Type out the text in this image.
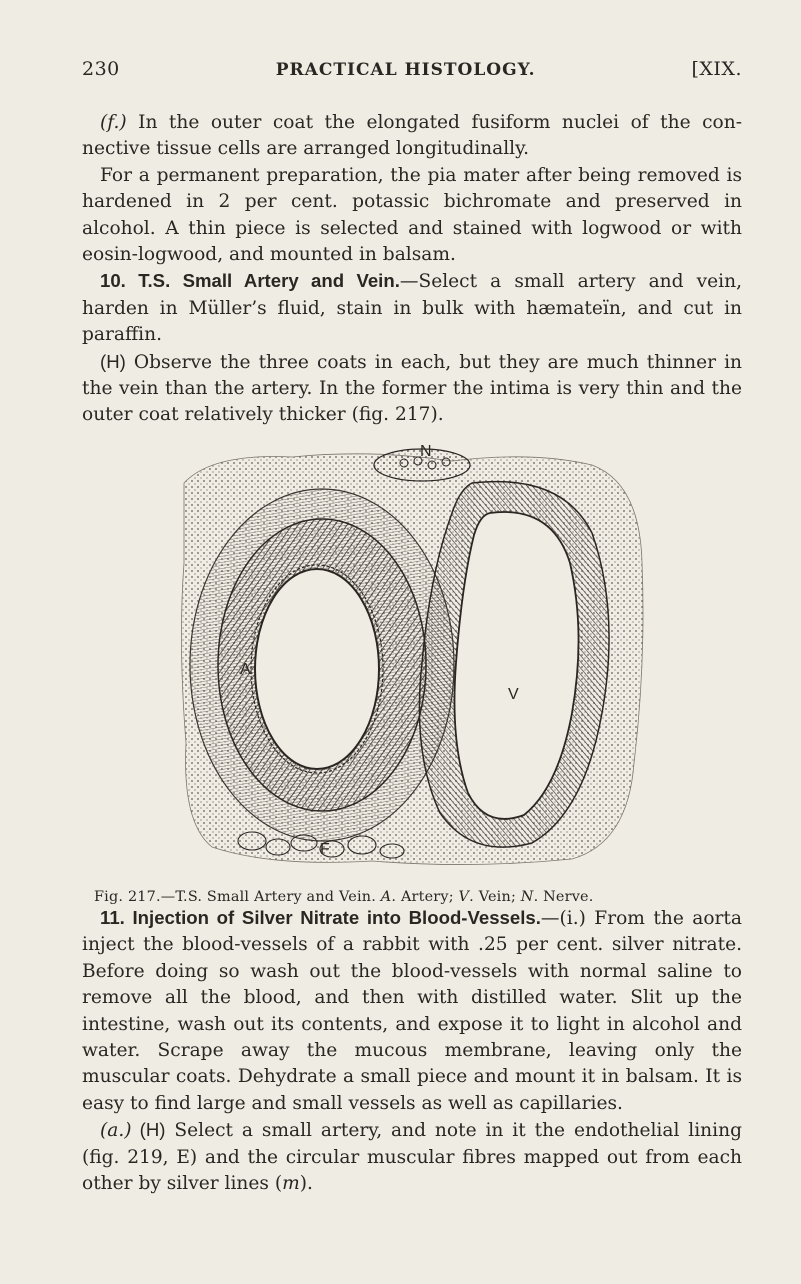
230	PRACTICAL HISTOLOGY.	[XIX.

(f.) In the outer coat the elongated fusiform nuclei of the connective tissue cells are arranged longitudinally.

For a permanent preparation, the pia mater after being removed is hardened in 2 per cent. potassic bichromate and preserved in alcohol. A thin piece is selected and stained with logwood or with eosin-logwood, and mounted in balsam.

10. T.S. Small Artery and Vein.—Select a small artery and vein, harden in Müller’s fluid, stain in bulk with hæmateïn, and cut in paraffin.

(H) Observe the three coats in each, but they are much thinner in the vein than the artery. In the former the intima is very thin and the outer coat relatively thicker (fig. 217).

N
A
V
F
Fig. 217.—T.S. Small Artery and Vein. A. Artery; V. Vein; N. Nerve.

11. Injection of Silver Nitrate into Blood-Vessels.—(i.) From the aorta inject the blood-vessels of a rabbit with .25 per cent. silver nitrate. Before doing so wash out the blood-vessels with normal saline to remove all the blood, and then with distilled water. Slit up the intestine, wash out its contents, and expose it to light in alcohol and water. Scrape away the mucous membrane, leaving only the muscular coats. Dehydrate a small piece and mount it in balsam. It is easy to find large and small vessels as well as capillaries.

(a.) (H) Select a small artery, and note in it the endothelial lining (fig. 219, E) and the circular muscular fibres mapped out from each other by silver lines (m).
